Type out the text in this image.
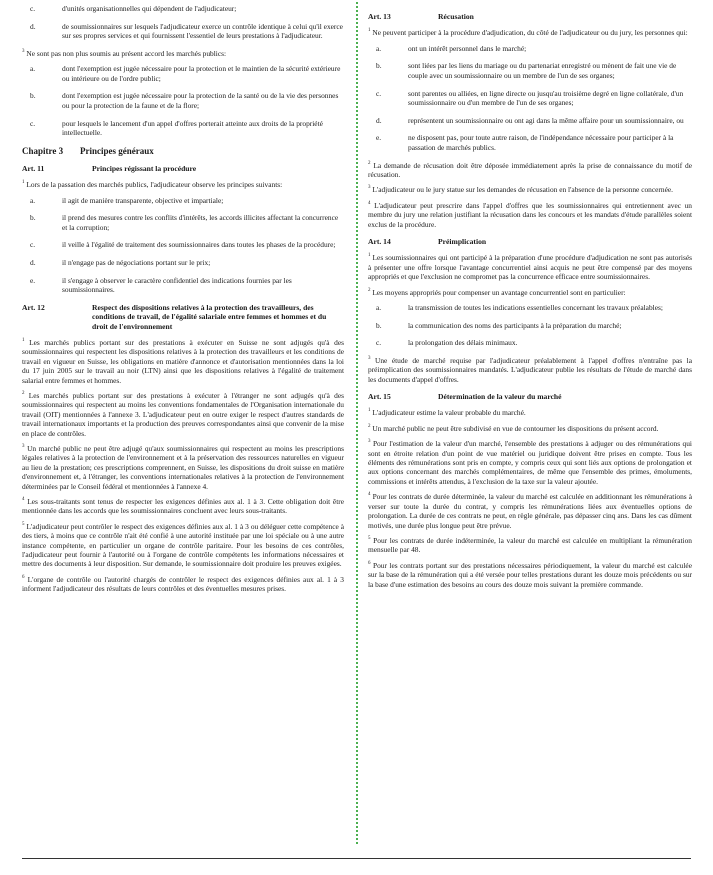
c.	d'unités organisationnelles qui dépendent de l'adjudicateur;
d.	de soumissionnaires sur lesquels l'adjudicateur exerce un contrôle identique à celui qu'il exerce sur ses propres services et qui fournissent l'essentiel de leurs prestations à l'adjudicateur.

$^3$ Ne sont pas non plus soumis au présent accord les marchés publics:

a.	dont l'exemption est jugée nécessaire pour la protection et le maintien de la sécurité extérieure ou intérieure ou de l'ordre public;
b.	dont l'exemption est jugée nécessaire pour la protection de la santé ou de la vie des personnes ou pour la protection de la faune et de la flore;
c.	pour lesquels le lancement d'un appel d'offres porterait atteinte aux droits de la propriété intellectuelle.
Chapitre 3	Principes généraux
Art. 11	Principes régissant la procédure

$^1$ Lors de la passation des marchés publics, l'adjudicateur observe les principes suivants:

a.	il agit de manière transparente, objective et impartiale;
b.	il prend des mesures contre les conflits d'intérêts, les accords illicites affectant la concurrence et la corruption;
c.	il veille à l'égalité de traitement des soumissionnaires dans toutes les phases de la procédure;
d.	il n'engage pas de négociations portant sur le prix;
e.	il s'engage à observer le caractère confidentiel des indications fournies par les soumissionnaires.
Art. 12	Respect des dispositions relatives à la protection des travailleurs, des conditions de travail, de l'égalité salariale entre femmes et hommes et du droit de l'environnement

$^1$ Les marchés publics portant sur des prestations à exécuter en Suisse ne sont adjugés qu'à des soumissionnaires qui respectent les dispositions relatives à la protection des travailleurs et les conditions de travail en vigueur en Suisse, les obligations en matière d'annonce et d'autorisation mentionnées dans la loi du 17 juin 2005 sur le travail au noir (LTN) ainsi que les dispositions relatives à l'égalité de traitement salarial entre femmes et hommes.

$^2$ Les marchés publics portant sur des prestations à exécuter à l'étranger ne sont adjugés qu'à des soumissionnaires qui respectent au moins les conventions fondamentales de l'Organisation internationale du travail (OIT) mentionnées à l'annexe 3. L'adjudicateur peut en outre exiger le respect d'autres standards de travail internationaux importants et la production des preuves correspondantes ainsi que convenir de la mise en place de contrôles.

$^3$ Un marché public ne peut être adjugé qu'aux soumissionnaires qui respectent au moins les prescriptions légales relatives à la protection de l'environnement et à la préservation des ressources naturelles en vigueur au lieu de la prestation; ces prescriptions comprennent, en Suisse, les dispositions du droit suisse en matière d'environnement et, à l'étranger, les conventions internationales relatives à la protection de l'environnement déterminées par le Conseil fédéral et mentionnées à l'annexe 4.

$^4$ Les sous-traitants sont tenus de respecter les exigences définies aux al. 1 à 3. Cette obligation doit être mentionnée dans les accords que les soumissionnaires concluent avec leurs sous-traitants.

$^5$ L'adjudicateur peut contrôler le respect des exigences définies aux al. 1 à 3 ou déléguer cette compétence à des tiers, à moins que ce contrôle n'ait été confié à une autorité instituée par une loi spéciale ou à une autre instance compétente, en particulier un organe de contrôle paritaire. Pour les besoins de ces contrôles, l'adjudicateur peut fournir à l'autorité ou à l'organe de contrôle compétents les informations nécessaires et mettre des documents à leur disposition. Sur demande, le soumissionnaire doit produire les preuves exigées.

$^6$ L'organe de contrôle ou l'autorité chargés de contrôler le respect des exigences définies aux al. 1 à 3 informent l'adjudicateur des résultats de leurs contrôles et des éventuelles mesures prises.

Art. 13	Récusation

$^1$ Ne peuvent participer à la procédure d'adjudication, du côté de l'adjudicateur ou du jury, les personnes qui:

a.	ont un intérêt personnel dans le marché;
b.	sont liées par les liens du mariage ou du partenariat enregistré ou mènent de fait une vie de couple avec un soumissionnaire ou un membre de l'un de ses organes;
c.	sont parentes ou alliées, en ligne directe ou jusqu'au troisième degré en ligne collatérale, d'un soumissionnaire ou d'un membre de l'un de ses organes;
d.	représentent un soumissionnaire ou ont agi dans la même affaire pour un soumissionnaire, ou
e.	ne disposent pas, pour toute autre raison, de l'indépendance nécessaire pour participer à la passation de marchés publics.

$^2$ La demande de récusation doit être déposée immédiatement après la prise de connaissance du motif de récusation.

$^3$ L'adjudicateur ou le jury statue sur les demandes de récusation en l'absence de la personne concernée.

$^4$ L'adjudicateur peut prescrire dans l'appel d'offres que les soumissionnaires qui entretiennent avec un membre du jury une relation justifiant la récusation dans les concours et les mandats d'étude parallèles soient exclus de la procédure.

Art. 14	Préimplication

$^1$ Les soumissionnaires qui ont participé à la préparation d'une procédure d'adjudication ne sont pas autorisés à présenter une offre lorsque l'avantage concurrentiel ainsi acquis ne peut être compensé par des moyens appropriés et que l'exclusion ne compromet pas la concurrence efficace entre soumissionnaires.

$^2$ Les moyens appropriés pour compenser un avantage concurrentiel sont en particulier:

a.	la transmission de toutes les indications essentielles concernant les travaux préalables;
b.	la communication des noms des participants à la préparation du marché;
c.	la prolongation des délais minimaux.

$^3$ Une étude de marché requise par l'adjudicateur préalablement à l'appel d'offres n'entraîne pas la préimplication des soumissionnaires mandatés. L'adjudicateur publie les résultats de l'étude de marché dans les documents d'appel d'offres.

Art. 15	Détermination de la valeur du marché

$^1$ L'adjudicateur estime la valeur probable du marché.

$^2$ Un marché public ne peut être subdivisé en vue de contourner les dispositions du présent accord.

$^3$ Pour l'estimation de la valeur d'un marché, l'ensemble des prestations à adjuger ou des rémunérations qui sont en étroite relation d'un point de vue matériel ou juridique doivent être prises en compte. Tous les éléments des rémunérations sont pris en compte, y compris ceux qui sont liés aux options de prolongation et aux options concernant des marchés complémentaires, de même que l'ensemble des primes, émoluments, commissions et intérêts attendus, à l'exclusion de la taxe sur la valeur ajoutée.

$^4$ Pour les contrats de durée déterminée, la valeur du marché est calculée en additionnant les rémunérations à verser sur toute la durée du contrat, y compris les rémunérations liées aux éventuelles options de prolongation. La durée de ces contrats ne peut, en règle générale, pas dépasser cinq ans. Dans les cas dûment motivés, une durée plus longue peut être prévue.

$^5$ Pour les contrats de durée indéterminée, la valeur du marché est calculée en multipliant la rémunération mensuelle par 48.

$^6$ Pour les contrats portant sur des prestations nécessaires périodiquement, la valeur du marché est calculée sur la base de la rémunération qui a été versée pour telles prestations durant les douze mois précédents ou sur la base d'une estimation des besoins au cours des douze mois suivant la première commande.
